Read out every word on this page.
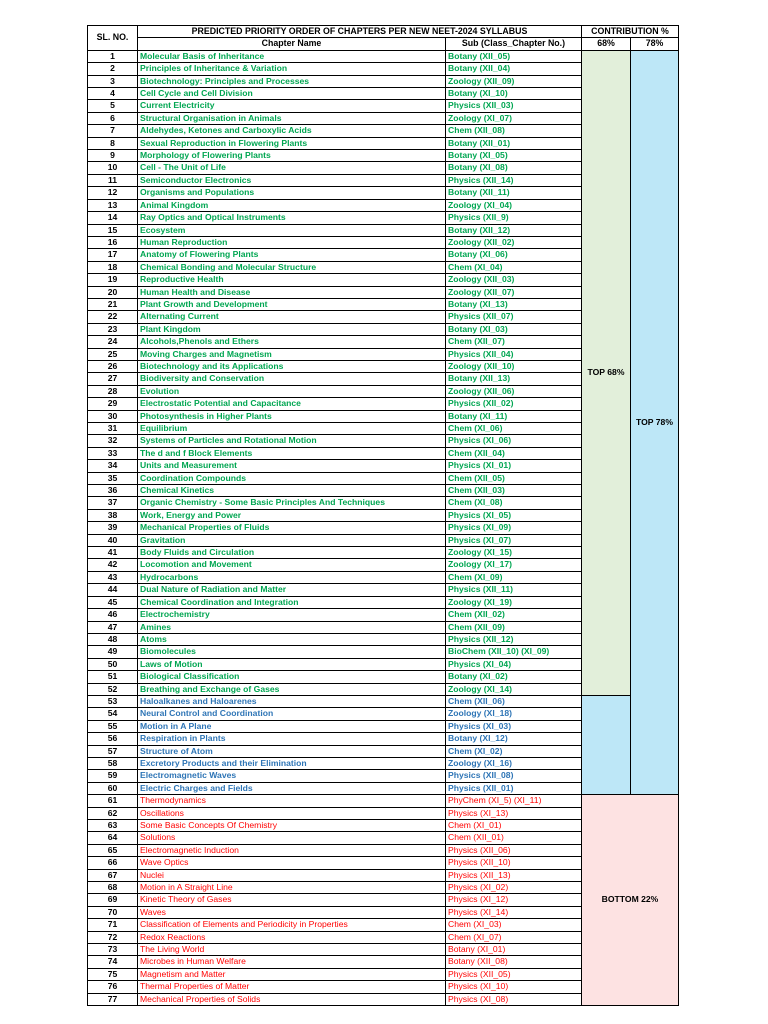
SL. NO.	PREDICTED PRIORITY ORDER OF CHAPTERS PER NEW NEET-2024 SYLLABUS		CONTRIBUTION %	
	Chapter Name	Sub (Class_Chapter No.)	68%	78%
1	Molecular Basis of Inheritance	Botany (XII_05)	TOP 68%	TOP 78%
2	Principles of Inheritance & Variation	Botany (XII_04)		
3	Biotechnology: Principles and Processes	Zoology (XII_09)		
4	Cell Cycle and Cell Division	Botany (XI_10)		
5	Current Electricity	Physics (XII_03)		
6	Structural Organisation in Animals	Zoology (XI_07)		
7	Aldehydes, Ketones and Carboxylic Acids	Chem (XII_08)		
8	Sexual Reproduction in Flowering Plants	Botany (XII_01)		
9	Morphology of Flowering Plants	Botany (XI_05)		
10	Cell - The Unit of Life	Botany (XI_08)		
11	Semiconductor Electronics	Physics (XII_14)		
12	Organisms and Populations	Botany (XII_11)		
13	Animal Kingdom	Zoology (XI_04)		
14	Ray Optics and Optical Instruments	Physics (XII_9)		
15	Ecosystem	Botany (XII_12)		
16	Human Reproduction	Zoology (XII_02)		
17	Anatomy of Flowering Plants	Botany (XI_06)		
18	Chemical Bonding and Molecular Structure	Chem (XI_04)		
19	Reproductive Health	Zoology (XII_03)		
20	Human Health and Disease	Zoology (XII_07)		
21	Plant Growth and Development	Botany (XI_13)		
22	Alternating Current	Physics (XII_07)		
23	Plant Kingdom	Botany (XI_03)		
24	Alcohols,Phenols and Ethers	Chem (XII_07)		
25	Moving Charges and Magnetism	Physics (XII_04)		
26	Biotechnology and its Applications	Zoology (XII_10)		
27	Biodiversity and Conservation	Botany (XII_13)		
28	Evolution	Zoology (XII_06)		
29	Electrostatic Potential and Capacitance	Physics (XII_02)		
30	Photosynthesis in Higher Plants	Botany (XI_11)		
31	Equilibrium	Chem (XI_06)		
32	Systems of Particles and Rotational Motion	Physics (XI_06)		
33	The d and f Block Elements	Chem (XII_04)		
34	Units and Measurement	Physics (XI_01)		
35	Coordination Compounds	Chem (XII_05)		
36	Chemical Kinetics	Chem (XII_03)		
37	Organic Chemistry - Some Basic Principles And Techniques	Chem (XI_08)		
38	Work, Energy and Power	Physics (XI_05)		
39	Mechanical Properties of Fluids	Physics (XI_09)		
40	Gravitation	Physics (XI_07)		
41	Body Fluids and Circulation	Zoology (XI_15)		
42	Locomotion and Movement	Zoology (XI_17)		
43	Hydrocarbons	Chem (XI_09)		
44	Dual Nature of Radiation and Matter	Physics (XII_11)		
45	Chemical Coordination and Integration	Zoology (XI_19)		
46	Electrochemistry	Chem (XII_02)		
47	Amines	Chem (XII_09)		
48	Atoms	Physics (XII_12)		
49	Biomolecules	BioChem (XII_10) (XI_09)		
50	Laws of Motion	Physics (XI_04)		
51	Biological Classification	Botany (XI_02)		
52	Breathing and Exchange of Gases	Zoology (XI_14)		
53	Haloalkanes and Haloarenes	Chem (XII_06)		
54	Neural Control and Coordination	Zoology (XI_18)		
55	Motion in A Plane	Physics (XI_03)		
56	Respiration in Plants	Botany (XI_12)		
57	Structure of Atom	Chem (XI_02)		
58	Excretory Products and their Elimination	Zoology (XI_16)		
59	Electromagnetic Waves	Physics (XII_08)		
60	Electric Charges and Fields	Physics (XII_01)		
61	Thermodynamics	PhyChem (XI_5) (XI_11)	BOTTOM 22%	
62	Oscillations	Physics (XI_13)		
63	Some Basic Concepts Of Chemistry	Chem (XI_01)		
64	Solutions	Chem (XII_01)		
65	Electromagnetic Induction	Physics (XII_06)		
66	Wave Optics	Physics (XII_10)		
67	Nuclei	Physics (XII_13)		
68	Motion in A Straight Line	Physics (XI_02)		
69	Kinetic Theory of Gases	Physics (XI_12)		
70	Waves	Physics (XI_14)		
71	Classification of Elements and Periodicity in Properties	Chem (XI_03)		
72	Redox Reactions	Chem (XI_07)		
73	The Living World	Botany (XI_01)		
74	Microbes in Human Welfare	Botany (XII_08)		
75	Magnetism and Matter	Physics (XII_05)		
76	Thermal Properties of Matter	Physics (XI_10)		
77	Mechanical Properties of Solids	Physics (XI_08)		
